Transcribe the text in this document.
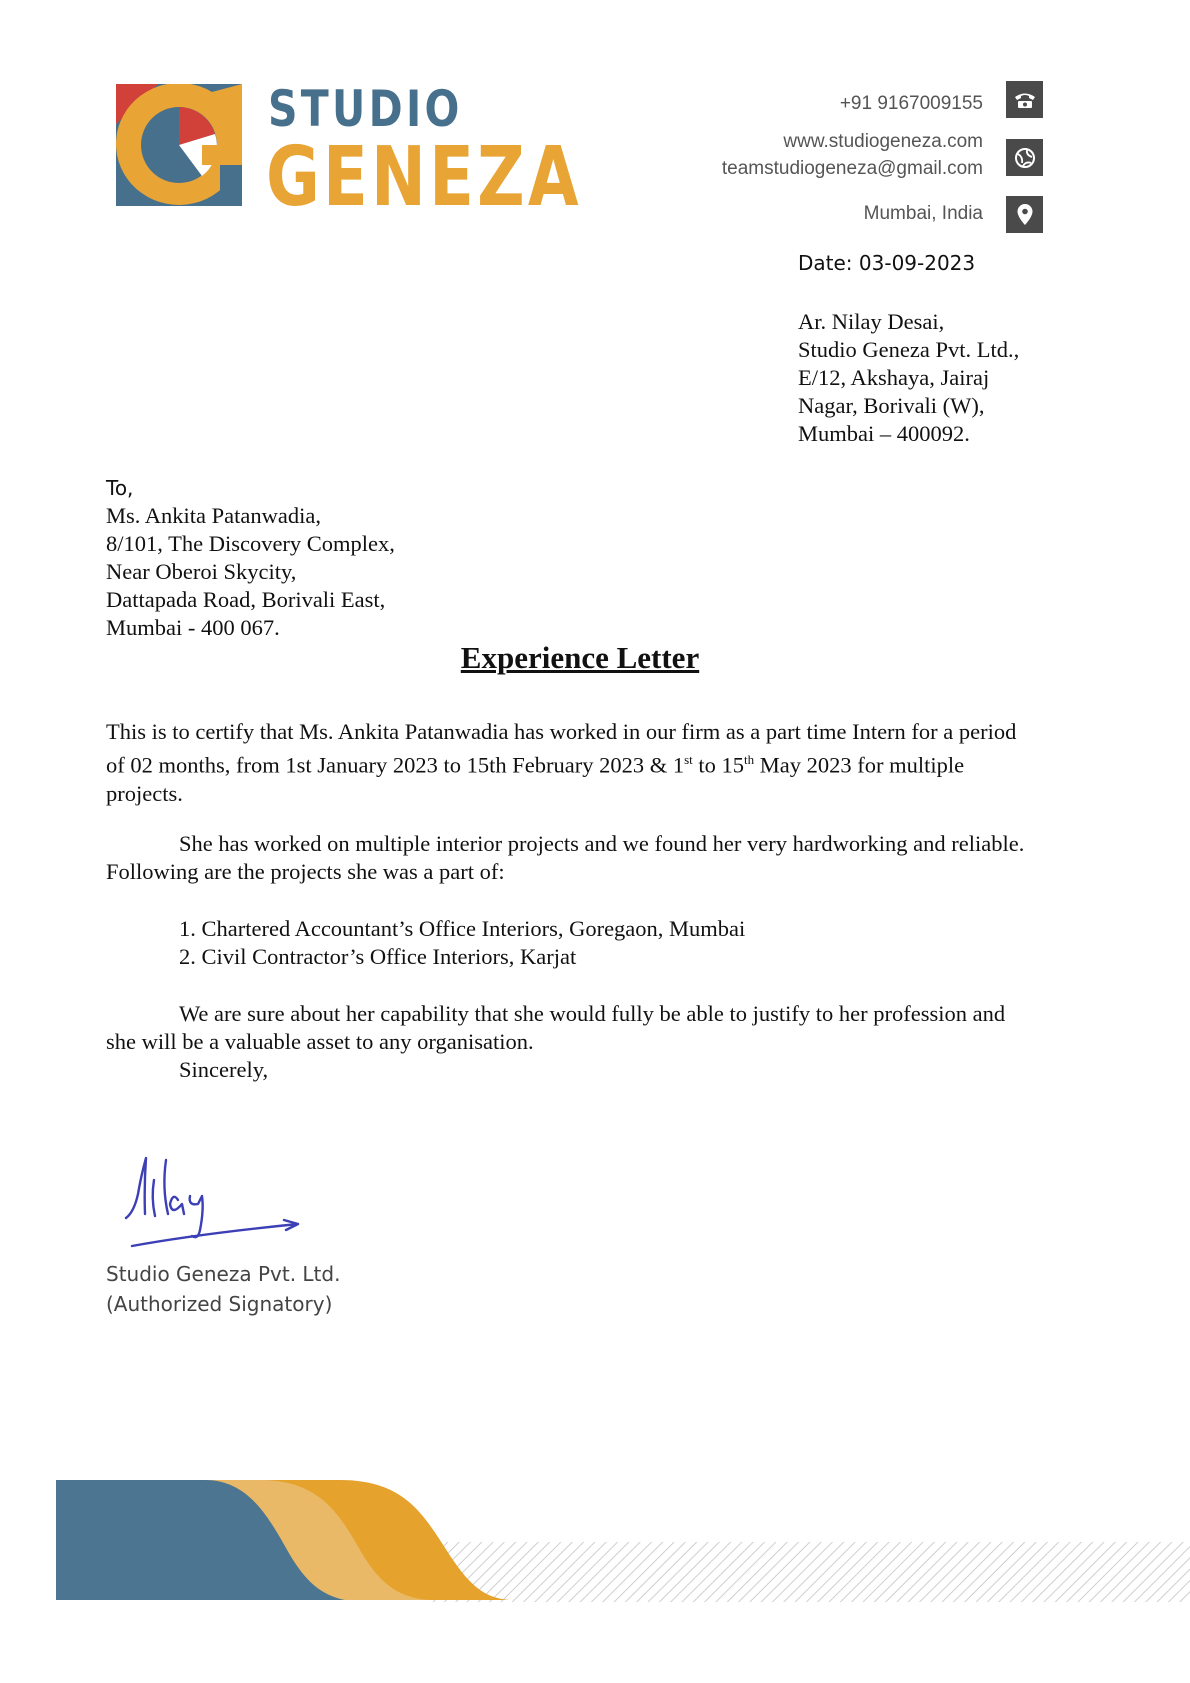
STUDIO
GENEZA
+91 9167009155
www.studiogeneza.com
teamstudiogeneza@gmail.com
Mumbai, India
Date: 03-09-2023
Ar. Nilay Desai,
Studio Geneza Pvt. Ltd.,
E/12, Akshaya, Jairaj
Nagar, Borivali (W),
Mumbai – 400092.
To,
Ms. Ankita Patanwadia,
8/101, The Discovery Complex,
Near Oberoi Skycity,
Dattapada Road, Borivali East,
Mumbai - 400 067.
Experience Letter
This is to certify that Ms. Ankita Patanwadia has worked in our firm as a part time Intern for a period of 02 months, from 1st January 2023 to 15th February 2023 & 1st to 15th May 2023 for multiple projects.
She has worked on multiple interior projects and we found her very hardworking and reliable. Following are the projects she was a part of:
1. Chartered Accountant’s Office Interiors, Goregaon, Mumbai
2. Civil Contractor’s Office Interiors, Karjat
We are sure about her capability that she would fully be able to justify to her profession and she will be a valuable asset to any organisation.
Sincerely,
Studio Geneza Pvt. Ltd.
(Authorized Signatory)
